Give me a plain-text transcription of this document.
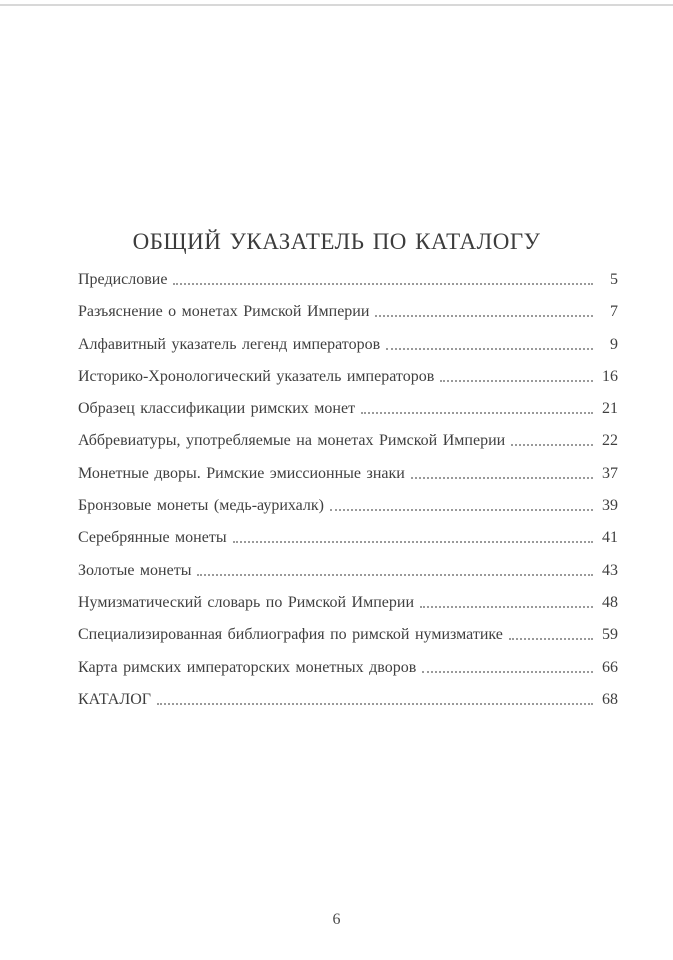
ОБЩИЙ УКАЗАТЕЛЬ ПО КАТАЛОГУ
Предисловие	5
Разъяснение о монетах Римской Империи	7
Алфавитный указатель легенд императоров	9
Историко-Хронологический указатель императоров	16
Образец классификации римских монет	21
Аббревиатуры, употребляемые на монетах Римской Империи	22
Монетные дворы. Римские эмиссионные знаки	37
Бронзовые монеты (медь-аурихалк)	39
Серебрянные монеты	41
Золотые монеты	43
Нумизматический словарь по Римской Империи	48
Специализированная библиография по римской нумизматике	59
Карта римских императорских монетных дворов	66
КАТАЛОГ	68
6
